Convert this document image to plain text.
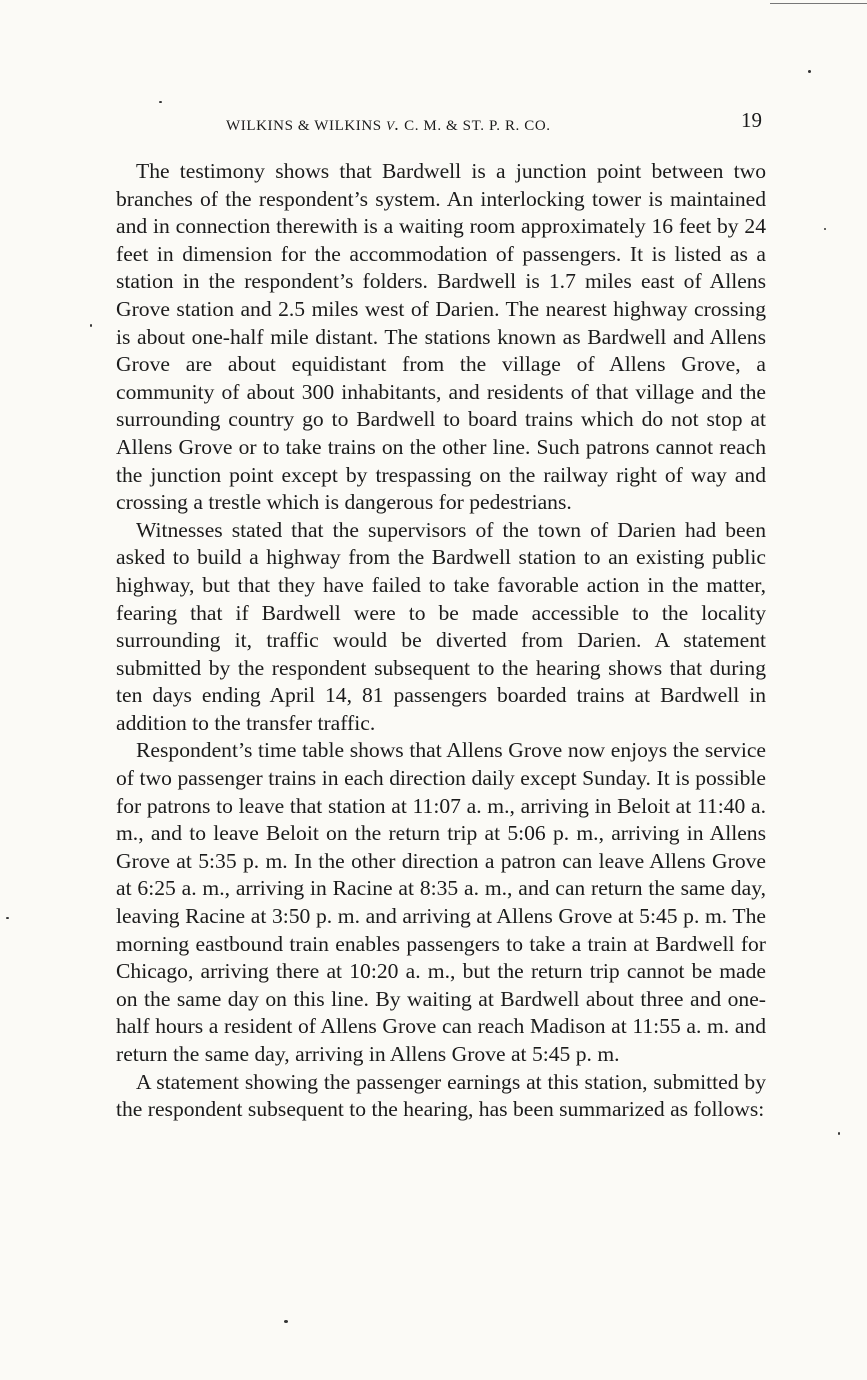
WILKINS & WILKINS v. C. M. & ST. P. R. CO.	19

The testimony shows that Bardwell is a junction point between two branches of the respondent’s system. An interlocking tower is maintained and in connection therewith is a waiting room approximately 16 feet by 24 feet in dimension for the accommodation of passengers. It is listed as a station in the respondent’s folders. Bardwell is 1.7 miles east of Allens Grove station and 2.5 miles west of Darien. The nearest highway crossing is about one-half mile distant. The stations known as Bardwell and Allens Grove are about equidistant from the village of Allens Grove, a community of about 300 inhabitants, and residents of that village and the surrounding country go to Bardwell to board trains which do not stop at Allens Grove or to take trains on the other line. Such patrons cannot reach the junction point except by trespassing on the railway right of way and crossing a trestle which is dangerous for pedestrians.

Witnesses stated that the supervisors of the town of Darien had been asked to build a highway from the Bardwell station to an existing public highway, but that they have failed to take favorable action in the matter, fearing that if Bardwell were to be made accessible to the locality surrounding it, traffic would be diverted from Darien. A statement submitted by the respondent subsequent to the hearing shows that during ten days ending April 14, 81 passengers boarded trains at Bardwell in addition to the transfer traffic.

Respondent’s time table shows that Allens Grove now enjoys the service of two passenger trains in each direction daily except Sunday. It is possible for patrons to leave that station at 11:07 a. m., arriving in Beloit at 11:40 a. m., and to leave Beloit on the return trip at 5:06 p. m., arriving in Allens Grove at 5:35 p. m. In the other direction a patron can leave Allens Grove at 6:25 a. m., arriving in Racine at 8:35 a. m., and can return the same day, leaving Racine at 3:50 p. m. and arriving at Allens Grove at 5:45 p. m. The morning eastbound train enables passengers to take a train at Bardwell for Chicago, arriving there at 10:20 a. m., but the return trip cannot be made on the same day on this line. By waiting at Bardwell about three and one-half hours a resident of Allens Grove can reach Madison at 11:55 a. m. and return the same day, arriving in Allens Grove at 5:45 p. m.

A statement showing the passenger earnings at this station, submitted by the respondent subsequent to the hearing, has been summarized as follows:
